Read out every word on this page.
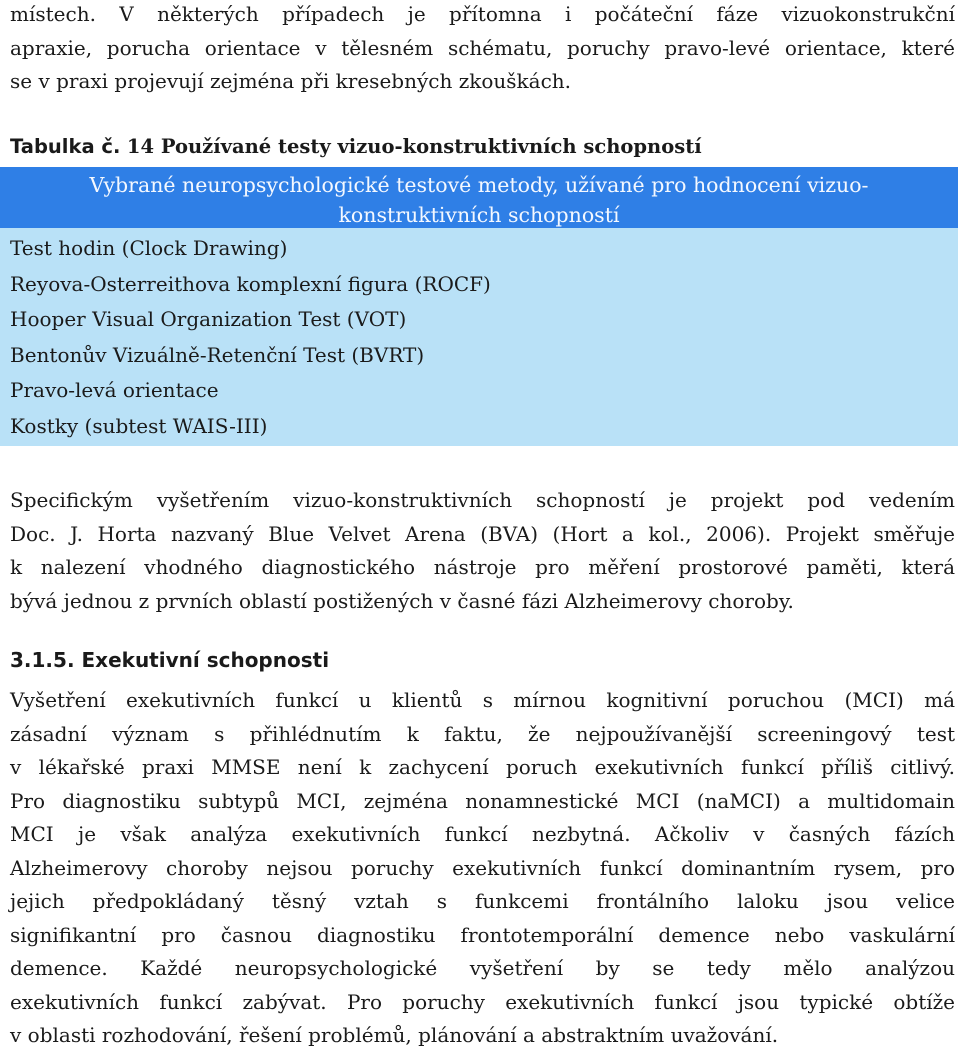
místech. V některých případech je přítomna i počáteční fáze vizuokonstrukční
apraxie, porucha orientace v tělesném schématu, poruchy pravo-levé orientace, které
se v praxi projevují zejména při kresebných zkouškách.
Tabulka č. 14 Používané testy vizuo-konstruktivních schopností
Vybrané neuropsychologické testové metody, užívané pro hodnocení vizuo-
konstruktivních schopností
Test hodin (Clock Drawing)
Reyova-Osterreithova komplexní figura (ROCF)
Hooper Visual Organization Test (VOT)
Bentonův Vizuálně-Retenční Test (BVRT)
Pravo-levá orientace
Kostky (subtest WAIS-III)
Specifickým vyšetřením vizuo-konstruktivních schopností je projekt pod vedením
Doc. J. Horta nazvaný Blue Velvet Arena (BVA) (Hort a kol., 2006). Projekt směřuje
k nalezení vhodného diagnostického nástroje pro měření prostorové paměti, která
bývá jednou z prvních oblastí postižených v časné fázi Alzheimerovy choroby.
3.1.5. Exekutivní schopnosti
Vyšetření exekutivních funkcí u klientů s mírnou kognitivní poruchou (MCI) má
zásadní význam s přihlédnutím k faktu, že nejpoužívanější screeningový test
v lékařské praxi MMSE není k zachycení poruch exekutivních funkcí příliš citlivý.
Pro diagnostiku subtypů MCI, zejména nonamnestické MCI (naMCI) a multidomain
MCI je však analýza exekutivních funkcí nezbytná. Ačkoliv v časných fázích
Alzheimerovy choroby nejsou poruchy exekutivních funkcí dominantním rysem, pro
jejich předpokládaný těsný vztah s funkcemi frontálního laloku jsou velice
signifikantní pro časnou diagnostiku frontotemporální demence nebo vaskulární
demence. Každé neuropsychologické vyšetření by se tedy mělo analýzou
exekutivních funkcí zabývat. Pro poruchy exekutivních funkcí jsou typické obtíže
v oblasti rozhodování, řešení problémů, plánování a abstraktním uvažování.
